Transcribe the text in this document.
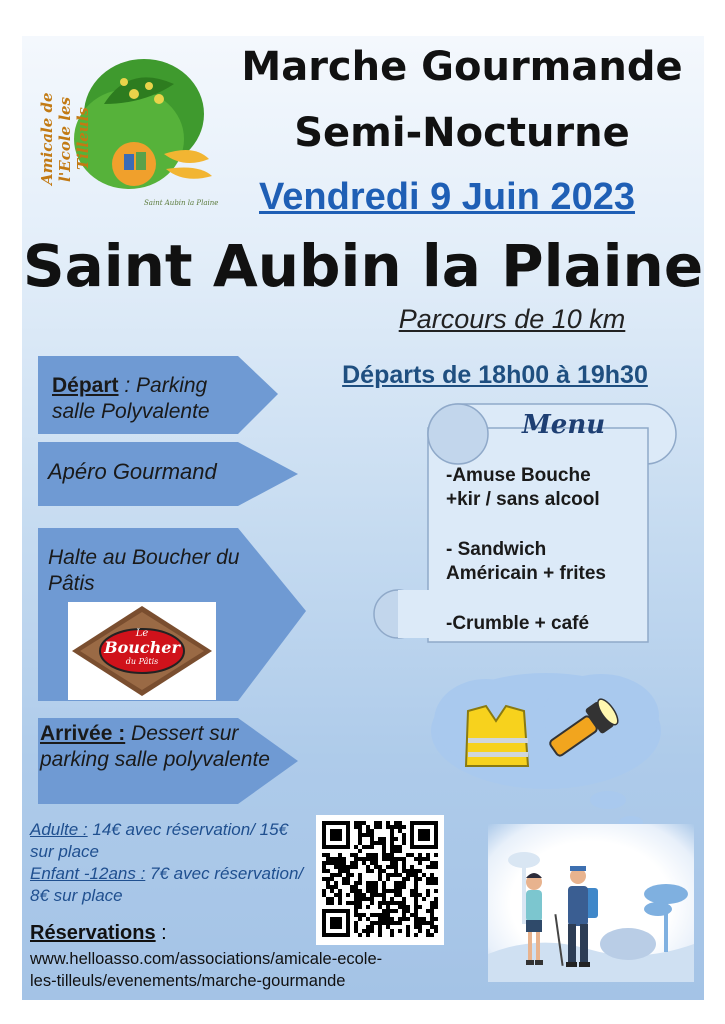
Amicale de l'Ecole les Tilleuls
Saint Aubin la Plaine
Marche Gourmande
Semi-Nocturne
Vendredi 9 Juin 2023
Saint Aubin la Plaine
Parcours de 10 km
Départs de 18h00 à 19h30
Départ : Parking salle Polyvalente
Apéro Gourmand
Halte au Boucher du Pâtis
Le
Boucher
du Pâtis
Arrivée : Dessert sur parking salle polyvalente
Menu
-Amuse Bouche
+kir / sans alcool
- Sandwich
Américain + frites
-Crumble + café
Adulte : 14€ avec réservation/ 15€ sur place
Enfant -12ans : 7€ avec réservation/ 8€ sur place
Réservations :
www.helloasso.com/associations/amicale-ecole-
les-tilleuls/evenements/marche-gourmande
